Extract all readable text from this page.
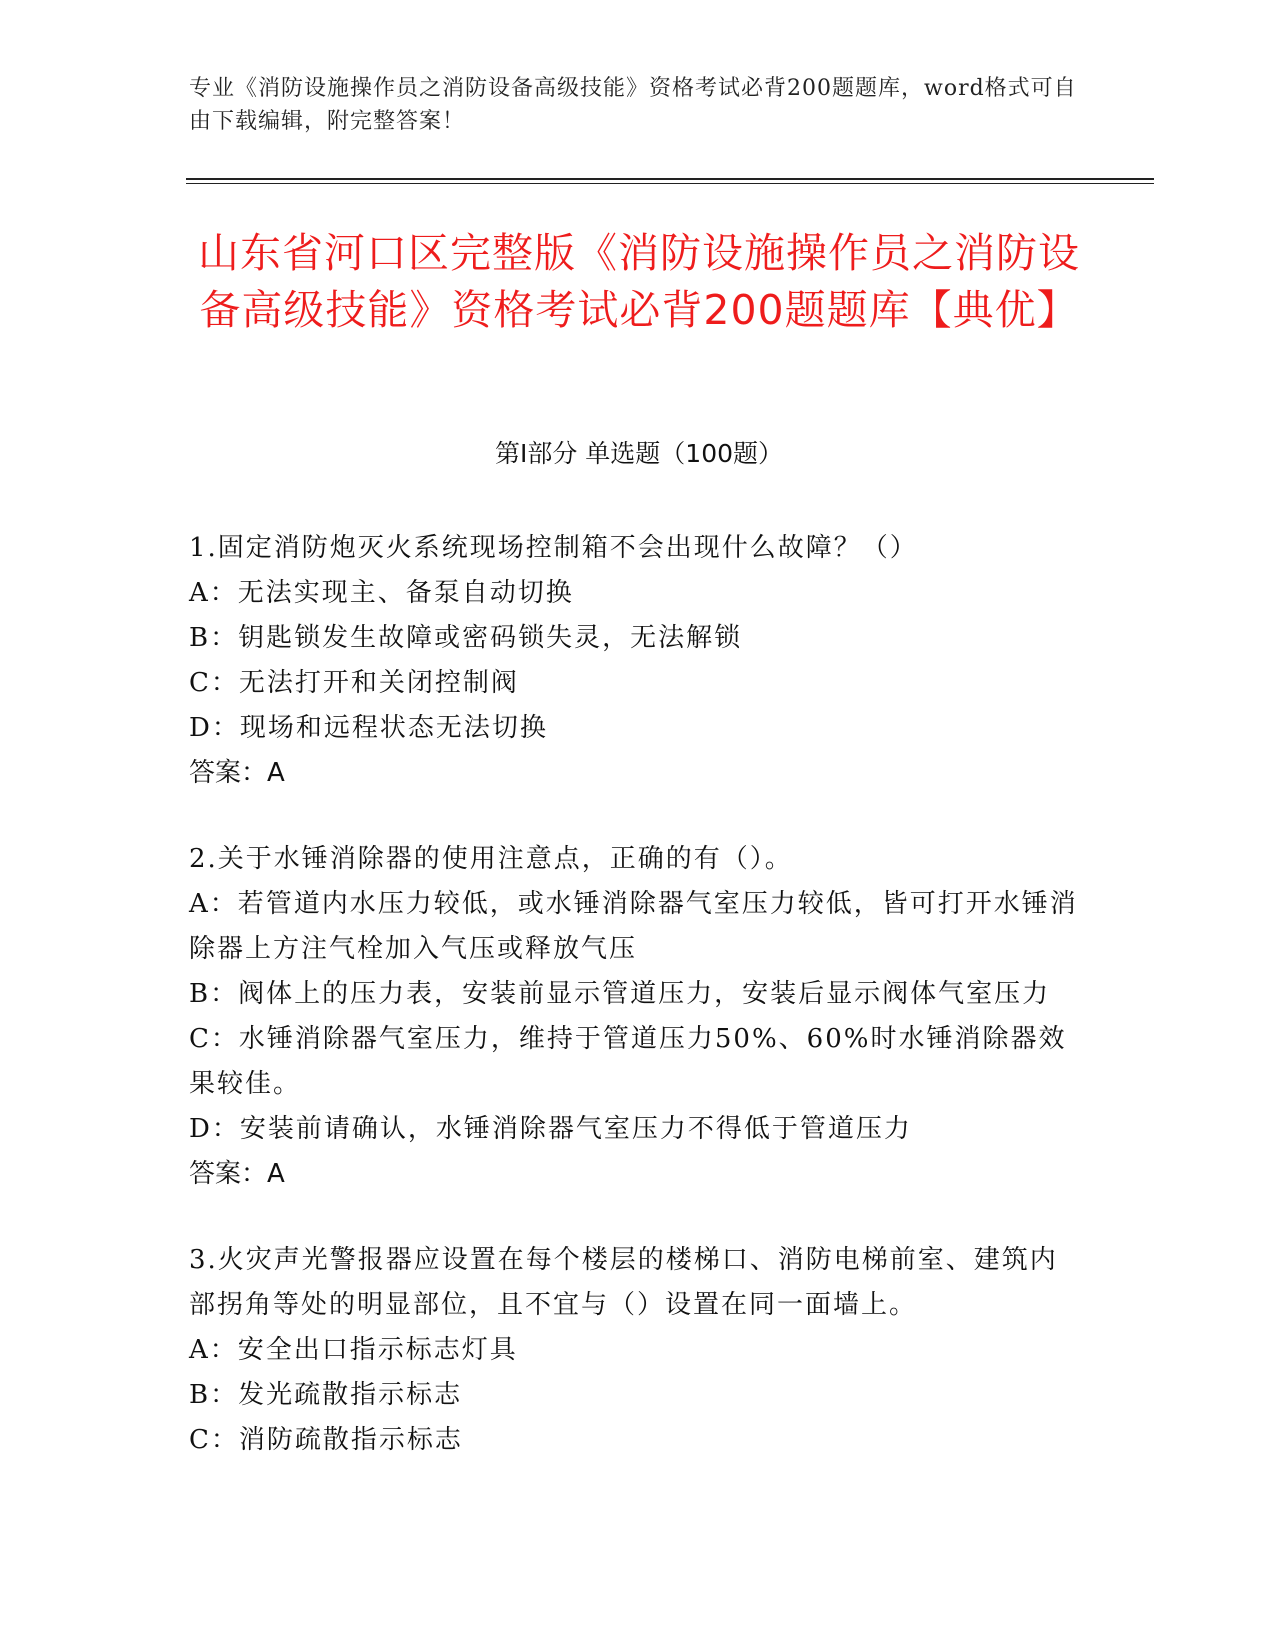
专业《消防设施操作员之消防设备高级技能》资格考试必背200题题库，word格式可自由下载编辑，附完整答案！
山东省河口区完整版《消防设施操作员之消防设备高级技能》资格考试必背200题题库【典优】
第I部分 单选题（100题）
1.固定消防炮灭火系统现场控制箱不会出现什么故障？（）
A：无法实现主、备泵自动切换
B：钥匙锁发生故障或密码锁失灵，无法解锁
C：无法打开和关闭控制阀
D：现场和远程状态无法切换
答案：A
2.关于水锤消除器的使用注意点，正确的有（）。
A：若管道内水压力较低，或水锤消除器气室压力较低，皆可打开水锤消除器上方注气栓加入气压或释放气压
B：阀体上的压力表，安装前显示管道压力，安装后显示阀体气室压力
C：水锤消除器气室压力，维持于管道压力50%、60%时水锤消除器效果较佳。
D：安装前请确认，水锤消除器气室压力不得低于管道压力
答案：A
3.火灾声光警报器应设置在每个楼层的楼梯口、消防电梯前室、建筑内部拐角等处的明显部位，且不宜与（）设置在同一面墙上。
A：安全出口指示标志灯具
B：发光疏散指示标志
C：消防疏散指示标志
